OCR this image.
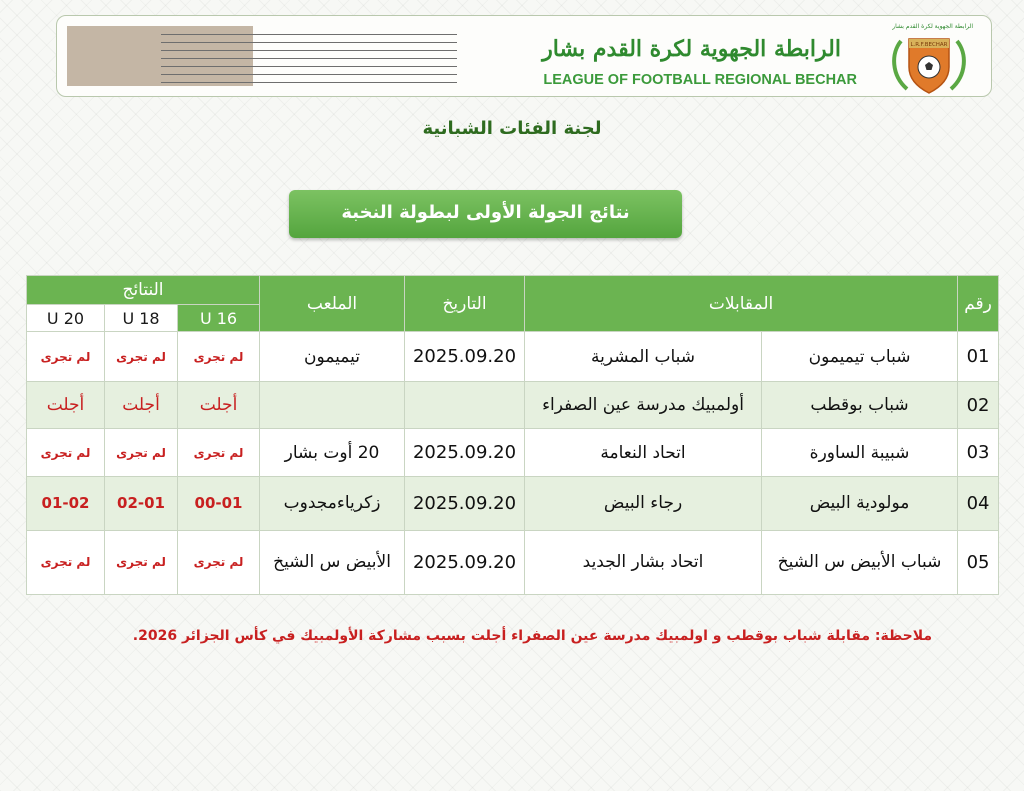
الرابطة الجهوية لكرة القدم بشار
LEAGUE OF FOOTBALL REGIONAL BECHAR
الرابطة الجهوية لكرة القدم بشار
L.R.F.BECHAR
لجنة الفئات الشبانية
نتائج الجولة الأولى لبطولة النخبة
رقم	المقابلات		التاريخ	الملعب	النتائج		
					U 16	U 18	U 20
01	شباب تيميمون	شباب المشرية	2025.09.20	تيميمون	لم تجرى	لم تجرى	لم تجرى
02	شباب بوقطب	أولمبيك مدرسة عين الصفراء			أجلت	أجلت	أجلت
03	شبيبة الساورة	اتحاد النعامة	2025.09.20	20 أوت بشار	لم تجرى	لم تجرى	لم تجرى
04	مولودية البيض	رجاء البيض	2025.09.20	زكرياءمجدوب	00-01	02-01	01-02
05	شباب الأبيض س الشيخ	اتحاد بشار الجديد	2025.09.20	الأبيض س الشيخ	لم تجرى	لم تجرى	لم تجرى
ملاحظة: مقابلة شباب بوقطب و اولمبيك مدرسة عين الصفراء أجلت بسبب مشاركة الأولمبيك في كأس الجزائر 2026.
